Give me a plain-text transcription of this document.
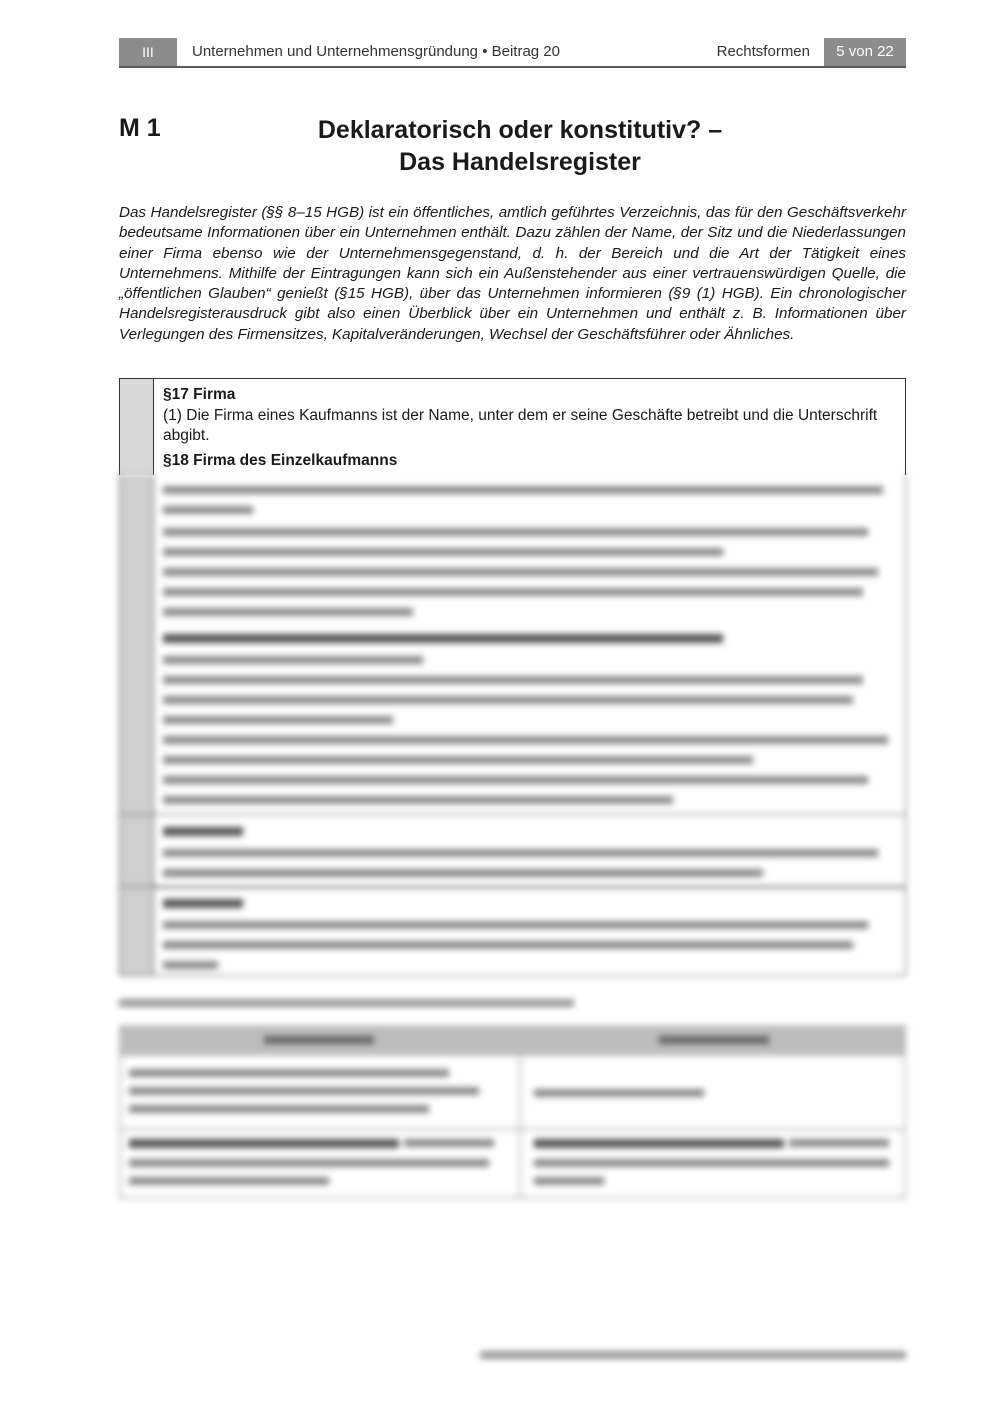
III	Unternehmen und Unternehmensgründung • Beitrag 20	Rechtsformen	5 von 22
M 1	Deklaratorisch oder konstitutiv? –
Das Handelsregister
Das Handelsregister (§§ 8–15 HGB) ist ein öffentliches, amtlich geführtes Verzeichnis, das für den Geschäftsverkehr bedeutsame Informationen über ein Unternehmen enthält. Dazu zählen der Name, der Sitz und die Niederlassungen einer Firma ebenso wie der Unternehmensgegenstand, d. h. der Bereich und die Art der Tätigkeit eines Unternehmens. Mithilfe der Eintragungen kann sich ein Außenstehender aus einer vertrauenswürdigen Quelle, die „öffentlichen Glauben“ genießt (§15 HGB), über das Unternehmen informieren (§9 (1) HGB). Ein chronologischer Handelsregisterausdruck gibt also einen Überblick über ein Unternehmen und enthält z. B. Informationen über Verlegungen des Firmensitzes, Kapitalveränderungen, Wechsel der Geschäftsführer oder Ähnliches.
§17 Firma
(1) Die Firma eines Kaufmanns ist der Name, unter dem er seine Geschäfte betreibt und die Unterschrift abgibt.
§18 Firma des Einzelkaufmanns
